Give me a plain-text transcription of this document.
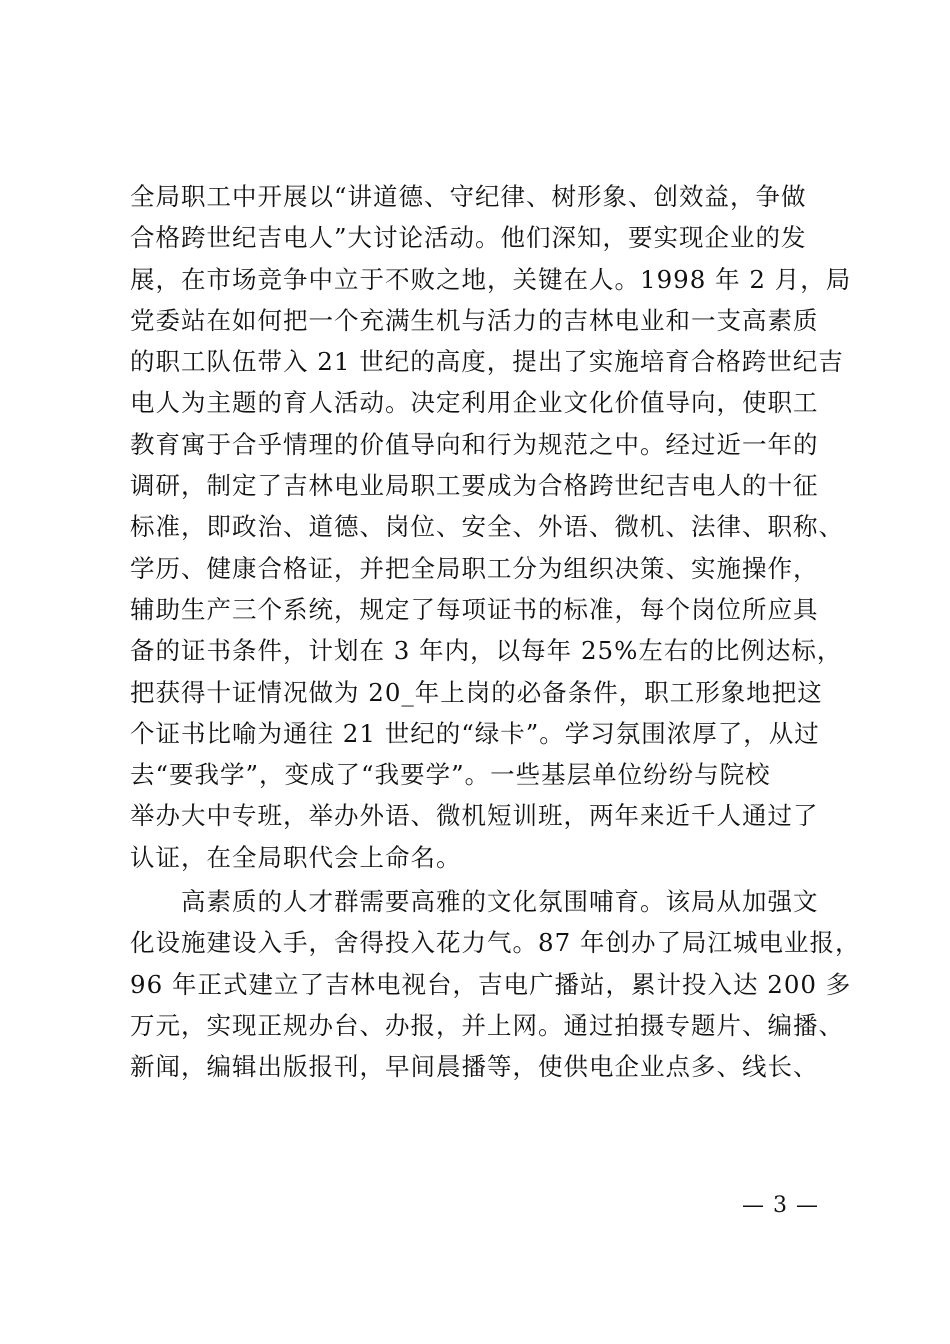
全局职工中开展以“讲道德、守纪律、树形象、创效益，争做
合格跨世纪吉电人”大讨论活动。他们深知，要实现企业的发
展，在市场竞争中立于不败之地，关键在人。1998 年 2 月，局
党委站在如何把一个充满生机与活力的吉林电业和一支高素质
的职工队伍带入 21 世纪的高度，提出了实施培育合格跨世纪吉
电人为主题的育人活动。决定利用企业文化价值导向，使职工
教育寓于合乎情理的价值导向和行为规范之中。经过近一年的
调研，制定了吉林电业局职工要成为合格跨世纪吉电人的十征
标准，即政治、道德、岗位、安全、外语、微机、法律、职称、
学历、健康合格证，并把全局职工分为组织决策、实施操作，
辅助生产三个系统，规定了每项证书的标准，每个岗位所应具
备的证书条件，计划在 3 年内，以每年 25%左右的比例达标，
把获得十证情况做为 20_年上岗的必备条件，职工形象地把这
个证书比喻为通往 21 世纪的“绿卡”。学习氛围浓厚了，从过
去“要我学”，变成了“我要学”。一些基层单位纷纷与院校
举办大中专班，举办外语、微机短训班，两年来近千人通过了
认证，在全局职代会上命名。
　　高素质的人才群需要高雅的文化氛围哺育。该局从加强文
化设施建设入手，舍得投入花力气。87 年创办了局江城电业报，
96 年正式建立了吉林电视台，吉电广播站，累计投入达 200 多
万元，实现正规办台、办报，并上网。通过拍摄专题片、编播、
新闻，编辑出版报刊，早间晨播等，使供电企业点多、线长、
— 3 —
